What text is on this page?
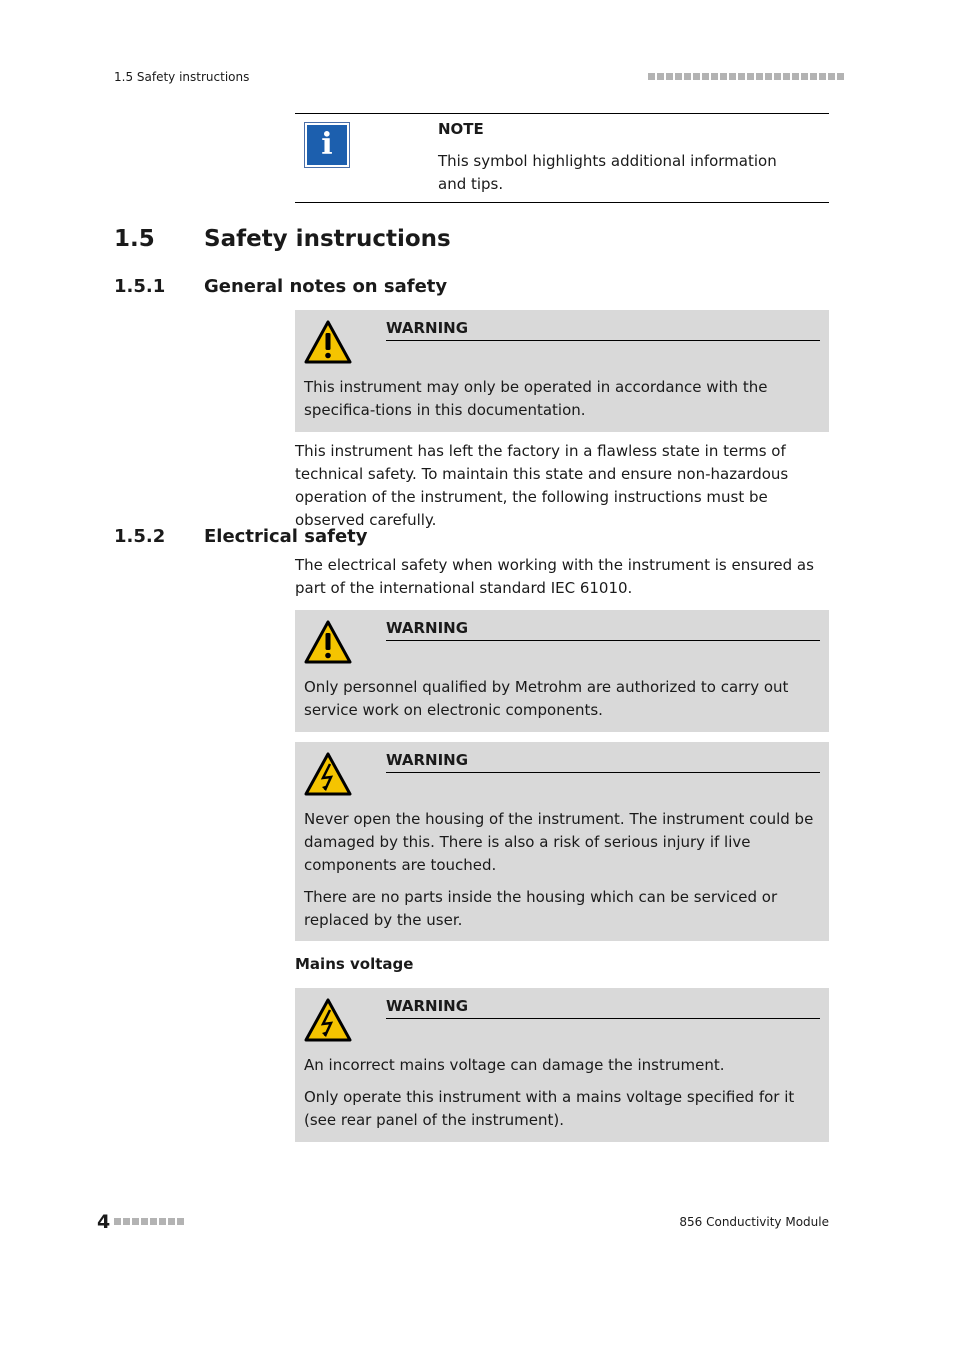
1.5 Safety instructions
i	NOTE
This symbol highlights additional information and tips.
1.5 Safety instructions
1.5.1 General notes on safety
WARNING

This instrument may only be operated in accordance with the specifica-tions in this documentation.

This instrument has left the factory in a flawless state in terms of technical safety. To maintain this state and ensure non-hazardous operation of the instrument, the following instructions must be observed carefully.
1.5.2 Electrical safety
The electrical safety when working with the instrument is ensured as part of the international standard IEC 61010.
WARNING

Only personnel qualified by Metrohm are authorized to carry out service work on electronic components.

WARNING

Never open the housing of the instrument. The instrument could be damaged by this. There is also a risk of serious injury if live components are touched.

There are no parts inside the housing which can be serviced or replaced by the user.

Mains voltage
WARNING

An incorrect mains voltage can damage the instrument.

Only operate this instrument with a mains voltage specified for it (see rear panel of the instrument).

4	856 Conductivity Module
